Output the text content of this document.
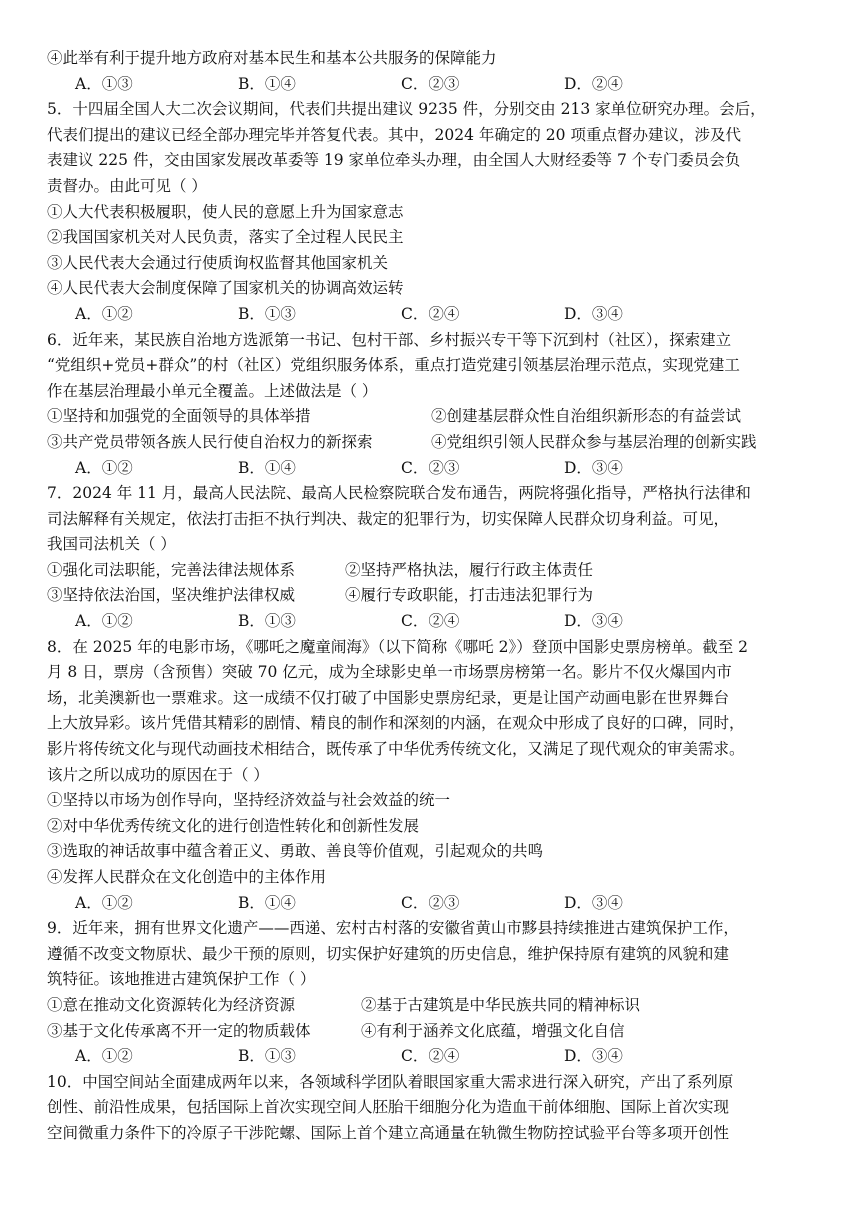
④此举有利于提升地方政府对基本民生和基本公共服务的保障能力
A．①③	B．①④	C．②③	D．②④
5．十四届全国人大二次会议期间，代表们共提出建议 9235 件，分别交由 213 家单位研究办理。会后，
代表们提出的建议已经全部办理完毕并答复代表。其中，2024 年确定的 20 项重点督办建议，涉及代
表建议 225 件，交由国家发展改革委等 19 家单位牵头办理，由全国人大财经委等 7 个专门委员会负
责督办。由此可见（ ）
①人大代表积极履职，使人民的意愿上升为国家意志
②我国国家机关对人民负责，落实了全过程人民民主
③人民代表大会通过行使质询权监督其他国家机关
④人民代表大会制度保障了国家机关的协调高效运转
A．①②	B．①③	C．②④	D．③④
6．近年来，某民族自治地方选派第一书记、包村干部、乡村振兴专干等下沉到村（社区），探索建立
“党组织+党员+群众”的村（社区）党组织服务体系，重点打造党建引领基层治理示范点，实现党建工
作在基层治理最小单元全覆盖。上述做法是（ ）
①坚持和加强党的全面领导的具体举措	②创建基层群众性自治组织新形态的有益尝试
③共产党员带领各族人民行使自治权力的新探索	④党组织引领人民群众参与基层治理的创新实践
A．①②	B．①④	C．②③	D．③④
7．2024 年 11 月，最高人民法院、最高人民检察院联合发布通告，两院将强化指导，严格执行法律和
司法解释有关规定，依法打击拒不执行判决、裁定的犯罪行为，切实保障人民群众切身利益。可见，
我国司法机关（ ）
①强化司法职能，完善法律法规体系	②坚持严格执法，履行行政主体责任
③坚持依法治国，坚决维护法律权威	④履行专政职能，打击违法犯罪行为
A．①②	B．①③	C．②④	D．③④
8．在 2025 年的电影市场，《哪吒之魔童闹海》（以下简称《哪吒 2》）登顶中国影史票房榜单。截至 2
月 8 日，票房（含预售）突破 70 亿元，成为全球影史单一市场票房榜第一名。影片不仅火爆国内市
场，北美澳新也一票难求。这一成绩不仅打破了中国影史票房纪录，更是让国产动画电影在世界舞台
上大放异彩。该片凭借其精彩的剧情、精良的制作和深刻的内涵，在观众中形成了良好的口碑，同时，
影片将传统文化与现代动画技术相结合，既传承了中华优秀传统文化，又满足了现代观众的审美需求。
该片之所以成功的原因在于（ ）
①坚持以市场为创作导向，坚持经济效益与社会效益的统一
②对中华优秀传统文化的进行创造性转化和创新性发展
③选取的神话故事中蕴含着正义、勇敢、善良等价值观，引起观众的共鸣
④发挥人民群众在文化创造中的主体作用
A．①②	B．①④	C．②③	D．③④
9．近年来，拥有世界文化遗产——西递、宏村古村落的安徽省黄山市黟县持续推进古建筑保护工作，
遵循不改变文物原状、最少干预的原则，切实保护好建筑的历史信息，维护保持原有建筑的风貌和建
筑特征。该地推进古建筑保护工作（ ）
①意在推动文化资源转化为经济资源	②基于古建筑是中华民族共同的精神标识
③基于文化传承离不开一定的物质载体	④有利于涵养文化底蕴，增强文化自信
A．①②	B．①③	C．②④	D．③④
10．中国空间站全面建成两年以来，各领域科学团队着眼国家重大需求进行深入研究，产出了系列原
创性、前沿性成果，包括国际上首次实现空间人胚胎干细胞分化为造血干前体细胞、国际上首次实现
空间微重力条件下的冷原子干涉陀螺、国际上首个建立高通量在轨微生物防控试验平台等多项开创性
